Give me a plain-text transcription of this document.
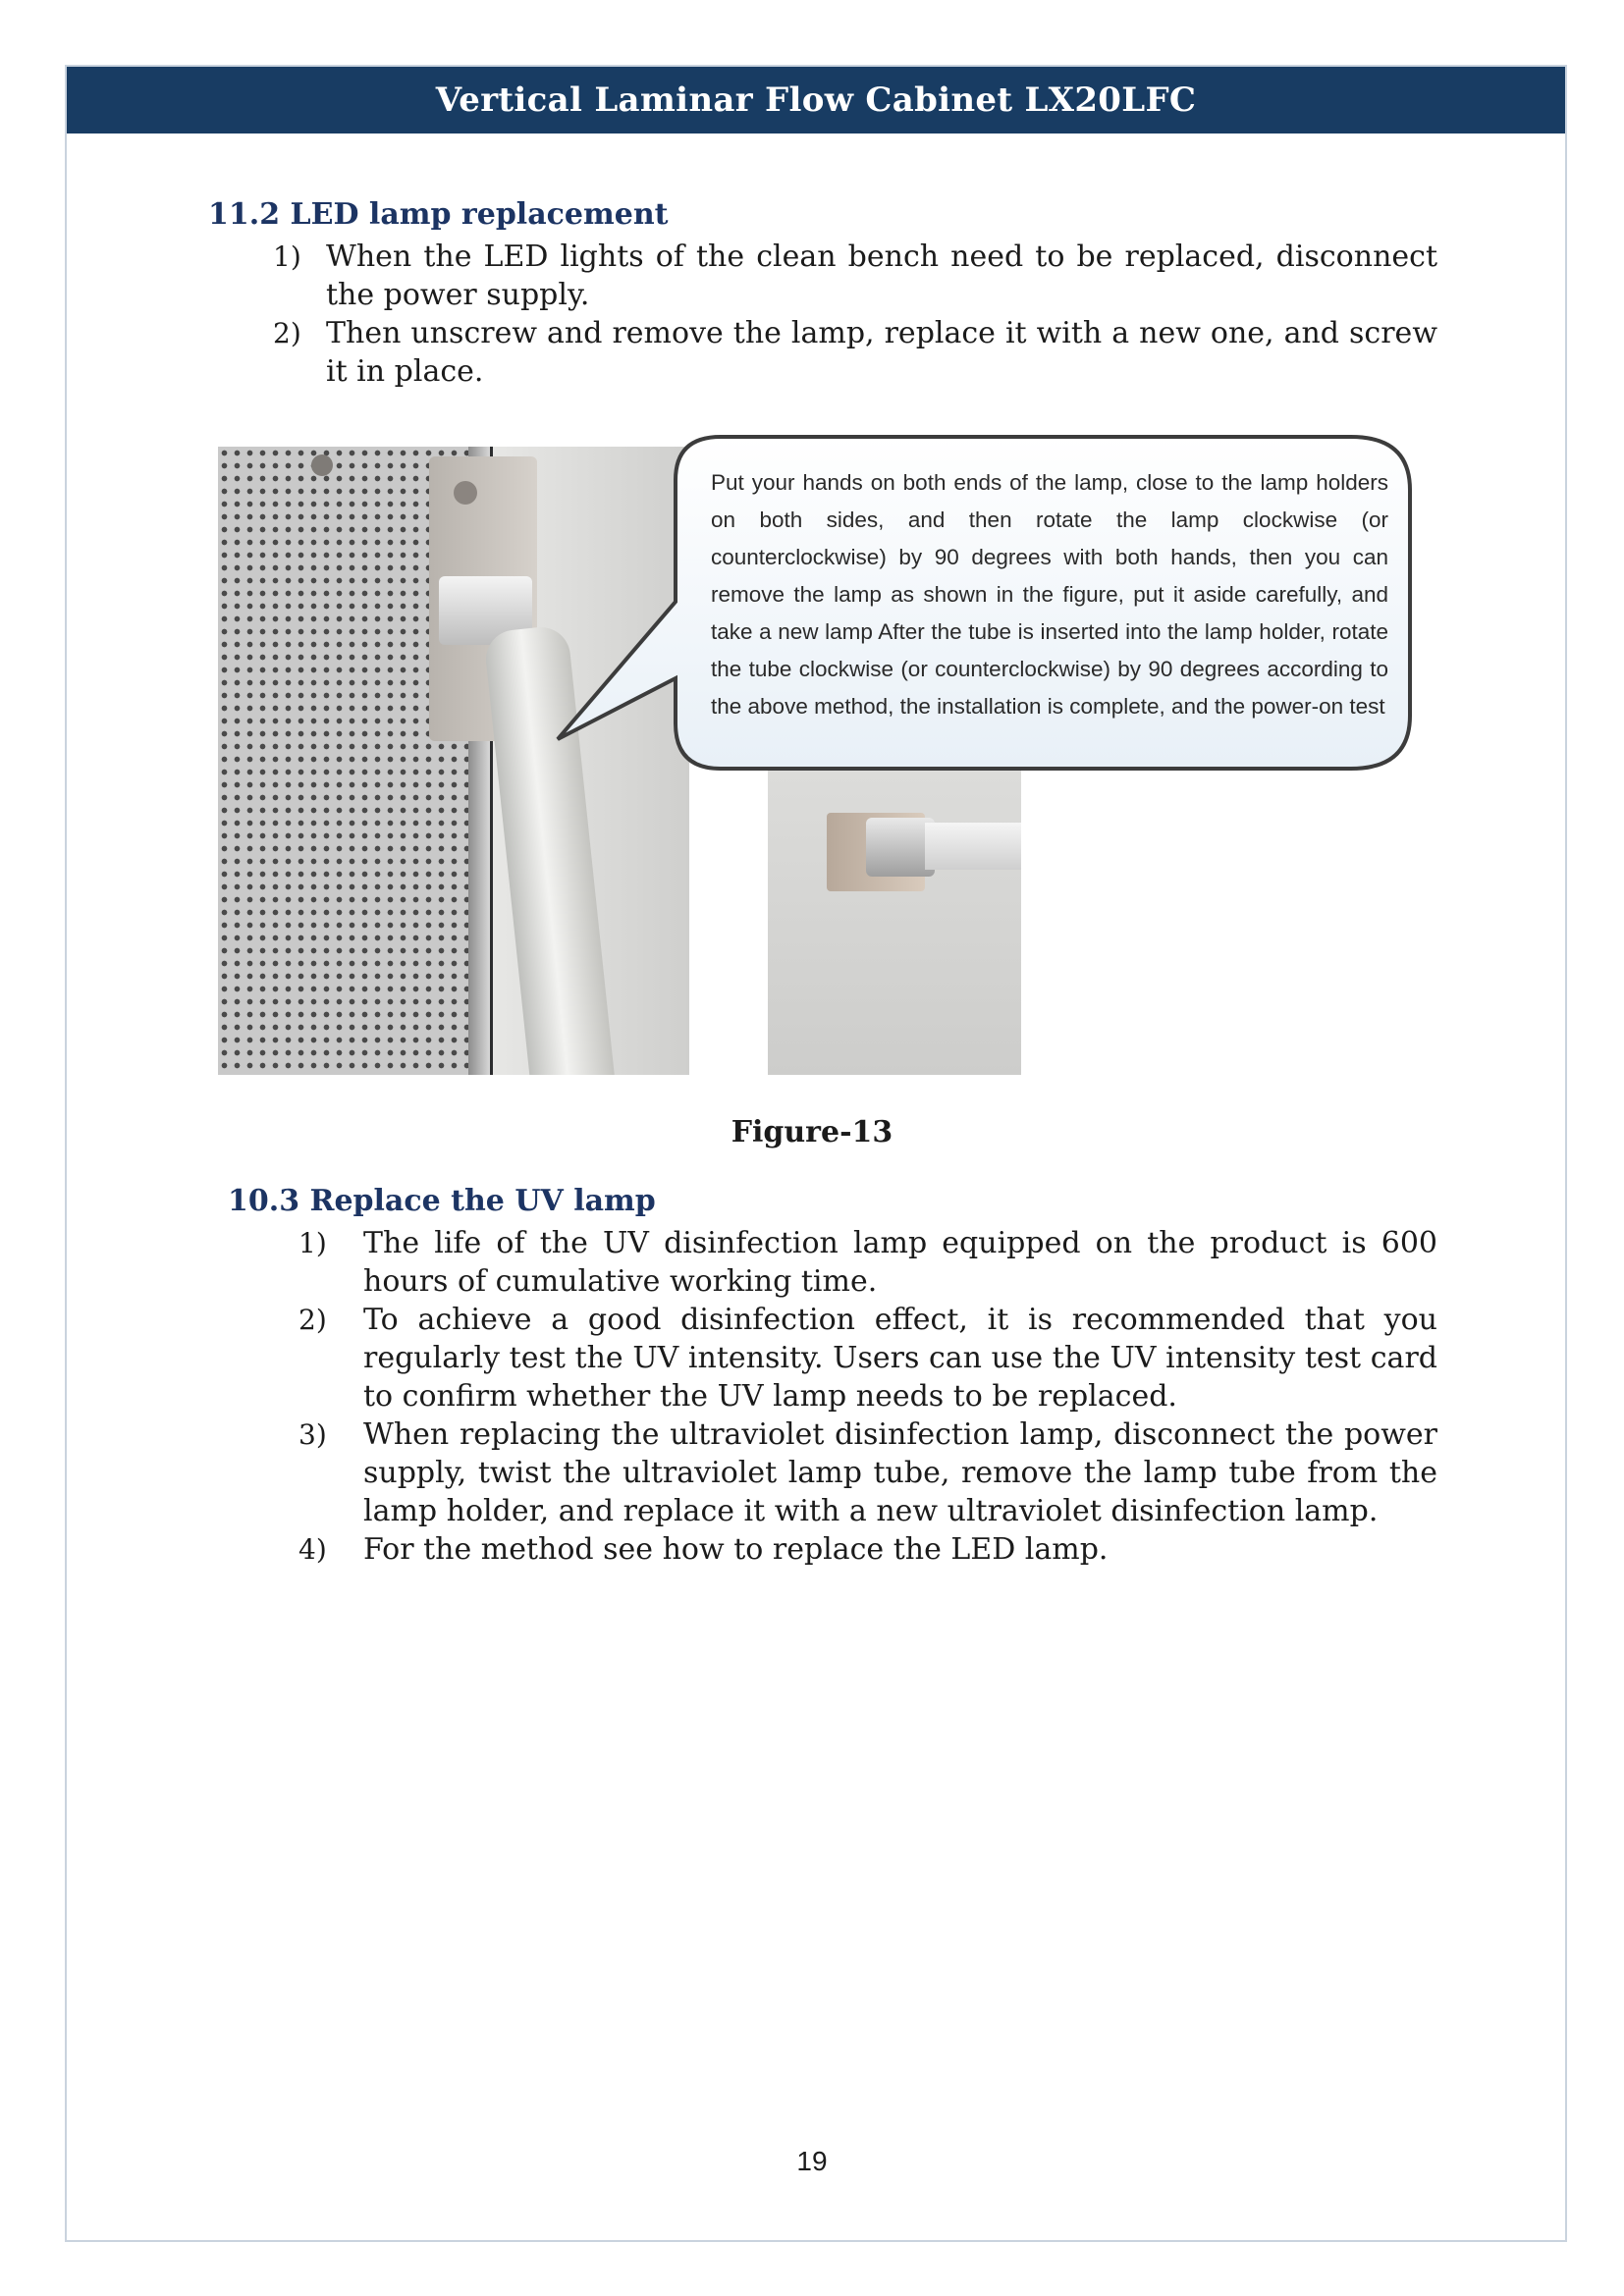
Vertical Laminar Flow Cabinet LX20LFC
11.2 LED lamp replacement
1) When the LED lights of the clean bench need to be replaced, disconnect the power supply.
2) Then unscrew and remove the lamp, replace it with a new one, and screw it in place.
Put your hands on both ends of the lamp, close to the lamp holders on both sides, and then rotate the lamp clockwise (or counterclockwise) by 90 degrees with both hands, then you can remove the lamp as shown in the figure, put it aside carefully, and take a new lamp After the tube is inserted into the lamp holder, rotate the tube clockwise (or counterclockwise) by 90 degrees according to the above method, the installation is complete, and the power-on test
Figure-13
10.3 Replace the UV lamp
1) The life of the UV disinfection lamp equipped on the product is 600 hours of cumulative working time.
2) To achieve a good disinfection effect, it is recommended that you regularly test the UV intensity. Users can use the UV intensity test card to confirm whether the UV lamp needs to be replaced.
3) When replacing the ultraviolet disinfection lamp, disconnect the power supply, twist the ultraviolet lamp tube, remove the lamp tube from the lamp holder, and replace it with a new ultraviolet disinfection lamp.
4) For the method see how to replace the LED lamp.
19
